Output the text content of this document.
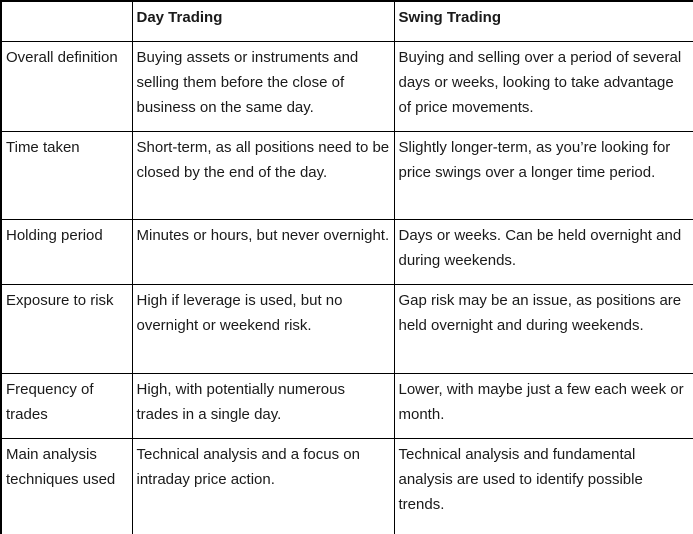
	Day Trading	Swing Trading
Overall definition	Buying assets or instruments and selling them before the close of business on the same day.	Buying and selling over a period of several days or weeks, looking to take advantage of price movements.
Time taken	Short-term, as all positions need to be closed by the end of the day.	Slightly longer-term, as you’re looking for price swings over a longer time period.
Holding period	Minutes or hours, but never overnight.	Days or weeks. Can be held overnight and during weekends.
Exposure to risk	High if leverage is used, but no overnight or weekend risk.	Gap risk may be an issue, as positions are held overnight and during weekends.
Frequency of trades	High, with potentially numerous trades in a single day.	Lower, with maybe just a few each week or month.
Main analysis techniques used	Technical analysis and a focus on intraday price action.	Technical analysis and fundamental analysis are used to identify possible trends.
